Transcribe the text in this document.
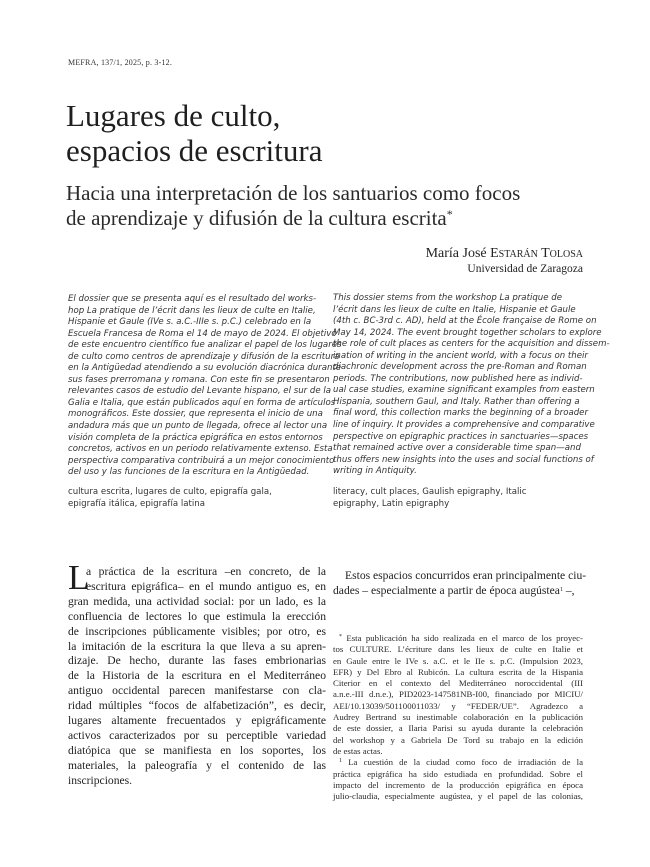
MEFRA, 137/1, 2025, p. 3-12.
Lugares de culto,
espacios de escritura
Hacia una interpretación de los santuarios como focos
de aprendizaje y difusión de la cultura escrita*
María José Estarán Tolosa
Universidad de Zaragoza
El dossier que se presenta aquí es el resultado del works-
hop La pratique de l’écrit dans les lieux de culte en Italie,
Hispanie et Gaule (IVe s. a.C.-IIIe s. p.C.) celebrado en la
Escuela Francesa de Roma el 14 de mayo de 2024. El objetivo
de este encuentro científico fue analizar el papel de los lugares
de culto como centros de aprendizaje y difusión de la escritura
en la Antigüedad atendiendo a su evolución diacrónica durante
sus fases prerromana y romana. Con este fin se presentaron
relevantes casos de estudio del Levante hispano, el sur de la
Galia e Italia, que están publicados aquí en forma de artículos
monográficos. Este dossier, que representa el inicio de una
andadura más que un punto de llegada, ofrece al lector una
visión completa de la práctica epigráfica en estos entornos
concretos, activos en un periodo relativamente extenso. Esta
perspectiva comparativa contribuirá a un mejor conocimiento
del uso y las funciones de la escritura en la Antigüedad.
This dossier stems from the workshop La pratique de
l’écrit dans les lieux de culte en Italie, Hispanie et Gaule
(4th c. BC-3rd c. AD), held at the École française de Rome on
May 14, 2024. The event brought together scholars to explore
the role of cult places as centers for the acquisition and dissem-
ination of writing in the ancient world, with a focus on their
diachronic development across the pre-Roman and Roman
periods. The contributions, now published here as individ-
ual case studies, examine significant examples from eastern
Hispania, southern Gaul, and Italy. Rather than offering a
final word, this collection marks the beginning of a broader
line of inquiry. It provides a comprehensive and comparative
perspective on epigraphic practices in sanctuaries—spaces
that remained active over a considerable time span—and
thus offers new insights into the uses and social functions of
writing in Antiquity.
cultura escrita, lugares de culto, epigrafía gala,
epigrafía itálica, epigrafía latina
literacy, cult places, Gaulish epigraphy, Italic
epigraphy, Latin epigraphy
L
a práctica de la escritura –en concreto, de la
escritura epigráfica– en el mundo antiguo es, en
gran medida, una actividad social: por un lado, es la
confluencia de lectores lo que estimula la erección
de inscripciones públicamente visibles; por otro, es
la imitación de la escritura la que lleva a su apren-
dizaje. De hecho, durante las fases embrionarias
de la Historia de la escritura en el Mediterráneo
antiguo occidental parecen manifestarse con cla-
ridad múltiples “focos de alfabetización”, es decir,
lugares altamente frecuentados y epigráficamente
activos caracterizados por su perceptible variedad
diatópica que se manifiesta en los soportes, los
materiales, la paleografía y el contenido de las
inscripciones.
Estos espacios concurridos eran principalmente ciu-
dades – especialmente a partir de época augústea$^1$ –,
* Esta publicación ha sido realizada en el marco de los proyec-
tos CULTURE. L’écriture dans les lieux de culte en Italie et
en Gaule entre le IVe s. a.C. et le IIe s. p.C. (Impulsion 2023,
EFR) y Del Ebro al Rubicón. La cultura escrita de la Hispania
Citerior en el contexto del Mediterráneo noroccidental (III
a.n.e.-III d.n.e.), PID2023-147581NB-I00, financiado por MICIU/
AEI/10.13039/501100011033/ y “FEDER/UE”. Agradezco a
Audrey Bertrand su inestimable colaboración en la publicación
de este dossier, a Ilaria Parisi su ayuda durante la celebración
del workshop y a Gabriela De Tord su trabajo en la edición
de estas actas.
$^1$ La cuestión de la ciudad como foco de irradiación de la
práctica epigráfica ha sido estudiada en profundidad. Sobre el
impacto del incremento de la producción epigráfica en época
julio-claudia, especialmente augústea, y el papel de las colonias,
